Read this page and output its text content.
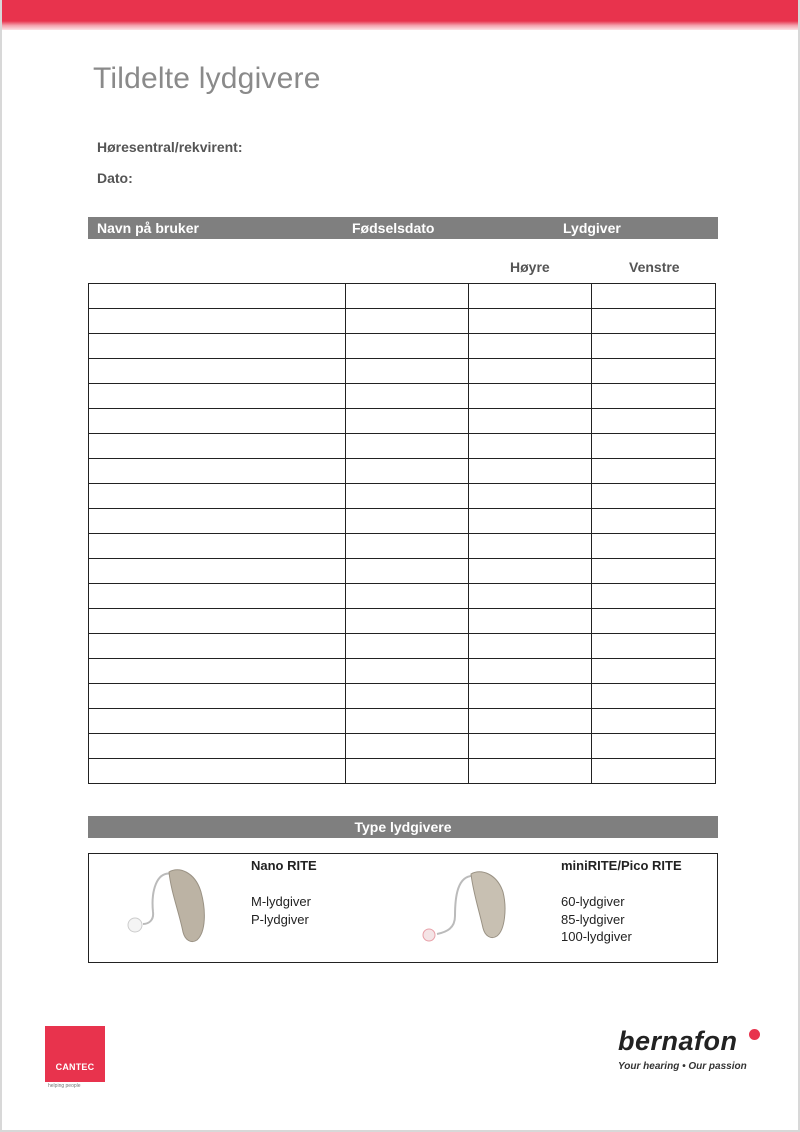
Tildelte lydgivere
Høresentral/rekvirent:
Dato:
Navn på bruker	Fødselsdato	Lydgiver
Høyre	Venstre

Type lydgivere
Nano RITE
M-lydgiver
P-lydgiver
miniRITE/Pico RITE
60-lydgiver
85-lydgiver
100-lydgiver
CANTEC
helping people
bernafon
Your hearing • Our passion
